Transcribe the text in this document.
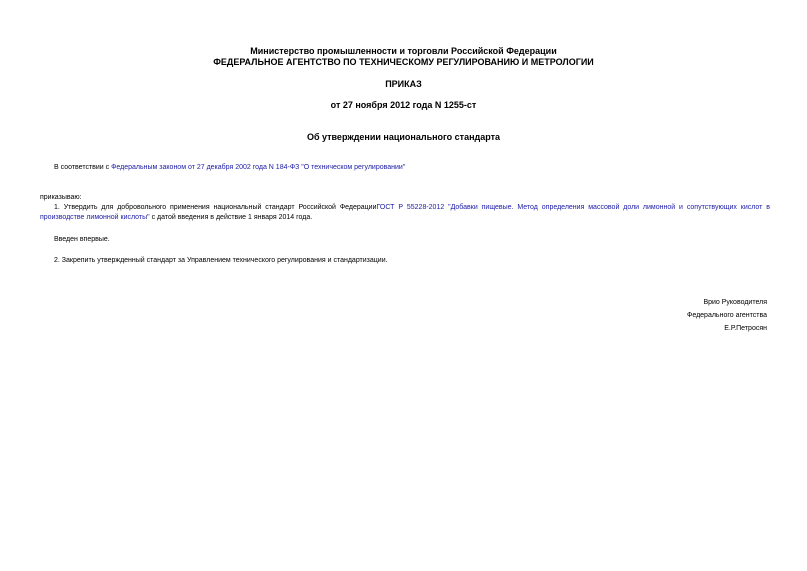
Министерство промышленности и торговли Российской Федерации
ФЕДЕРАЛЬНОЕ АГЕНТСТВО ПО ТЕХНИЧЕСКОМУ РЕГУЛИРОВАНИЮ И МЕТРОЛОГИИ
ПРИКАЗ
от 27 ноября 2012 года N 1255-ст
Об утверждении национального стандарта
В соответствии с Федеральным законом от 27 декабря 2002 года N 184-ФЗ "О техническом регулировании"
приказываю:
1. Утвердить для добровольного применения национальный стандарт Российской ФедерацииГОСТ Р 55228-2012 "Добавки пищевые. Метод определения массовой доли лимонной и сопутствующих кислот в производстве лимонной кислоты" с датой введения в действие 1 января 2014 года.
Введен впервые.
2. Закрепить утвержденный стандарт за Управлением технического регулирования и стандартизации.
Врио Руководителя
Федерального агентства
Е.Р.Петросян
